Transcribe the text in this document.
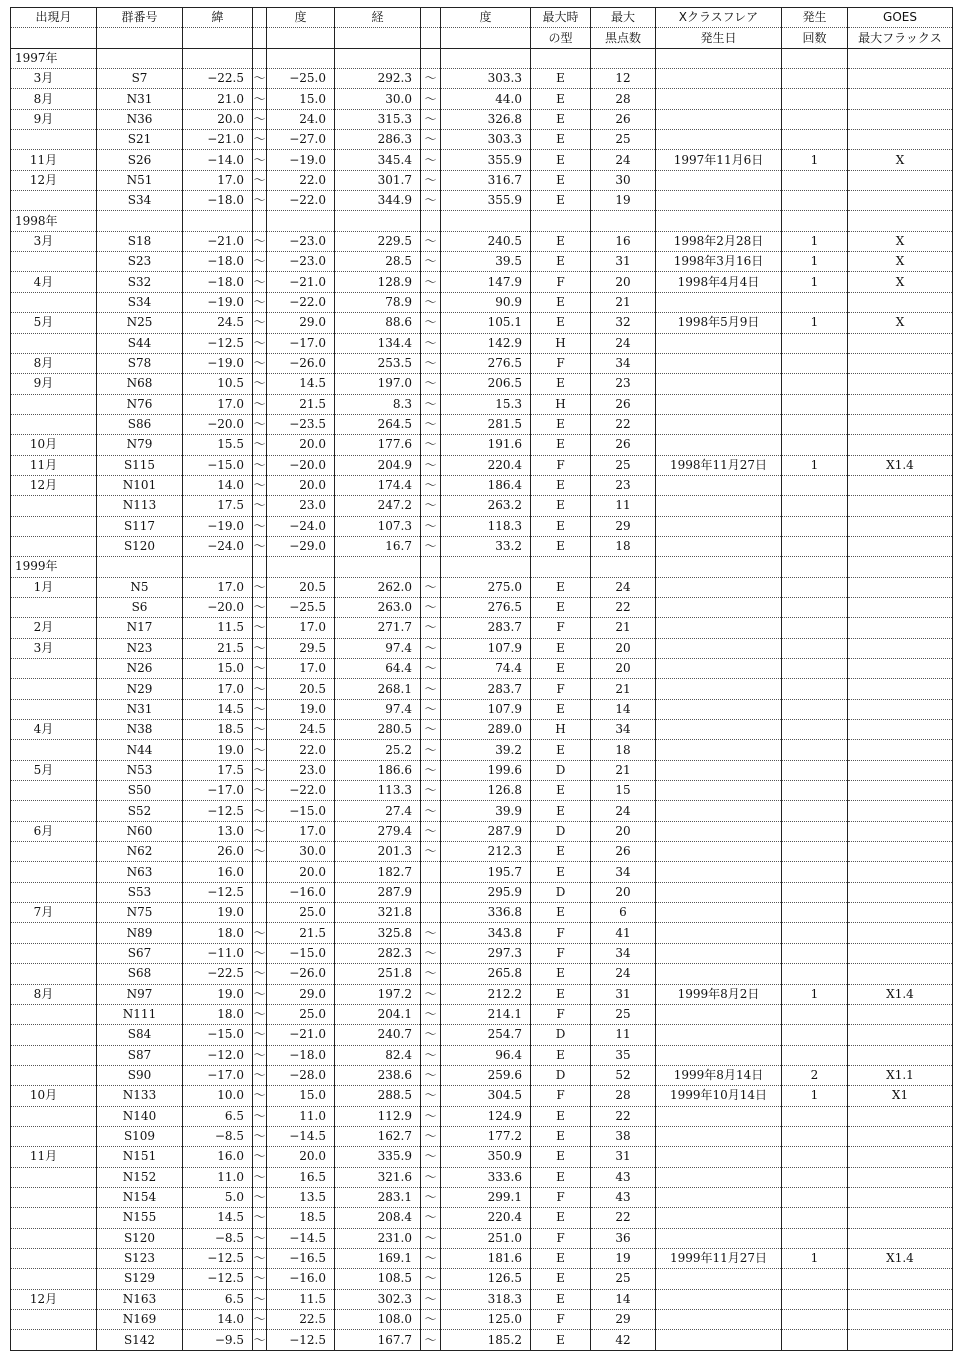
出現月	群番号	緯		度	経		度	最大時	最大	Xクラスフレア	発生	GOES
								の型	黒点数	発生日	回数	最大フラックス
1997年												
3月	S7	−22.5	～	−25.0	292.3	～	303.3	E	12			
8月	N31	21.0	～	15.0	30.0	～	44.0	E	28			
9月	N36	20.0	～	24.0	315.3	～	326.8	E	26			
	S21	−21.0	～	−27.0	286.3	～	303.3	E	25			
11月	S26	−14.0	～	−19.0	345.4	～	355.9	E	24	1997年11月6日	1	X
12月	N51	17.0	～	22.0	301.7	～	316.7	E	30			
	S34	−18.0	～	−22.0	344.9	～	355.9	E	19			
1998年												
3月	S18	−21.0	～	−23.0	229.5	～	240.5	E	16	1998年2月28日	1	X
	S23	−18.0	～	−23.0	28.5	～	39.5	E	31	1998年3月16日	1	X
4月	S32	−18.0	～	−21.0	128.9	～	147.9	F	20	1998年4月4日	1	X
	S34	−19.0	～	−22.0	78.9	～	90.9	E	21			
5月	N25	24.5	～	29.0	88.6	～	105.1	E	32	1998年5月9日	1	X
	S44	−12.5	～	−17.0	134.4	～	142.9	H	24			
8月	S78	−19.0	～	−26.0	253.5	～	276.5	F	34			
9月	N68	10.5	～	14.5	197.0	～	206.5	E	23			
	N76	17.0	～	21.5	8.3	～	15.3	H	26			
	S86	−20.0	～	−23.5	264.5	～	281.5	E	22			
10月	N79	15.5	～	20.0	177.6	～	191.6	E	26			
11月	S115	−15.0	～	−20.0	204.9	～	220.4	F	25	1998年11月27日	1	X1.4
12月	N101	14.0	～	20.0	174.4	～	186.4	E	23			
	N113	17.5	～	23.0	247.2	～	263.2	E	11			
	S117	−19.0	～	−24.0	107.3	～	118.3	E	29			
	S120	−24.0	～	−29.0	16.7	～	33.2	E	18			
1999年												
1月	N5	17.0	～	20.5	262.0	～	275.0	E	24			
	S6	−20.0	～	−25.5	263.0	～	276.5	E	22			
2月	N17	11.5	～	17.0	271.7	～	283.7	F	21			
3月	N23	21.5	～	29.5	97.4	～	107.9	E	20			
	N26	15.0	～	17.0	64.4	～	74.4	E	20			
	N29	17.0	～	20.5	268.1	～	283.7	F	21			
	N31	14.5	～	19.0	97.4	～	107.9	E	14			
4月	N38	18.5	～	24.5	280.5	～	289.0	H	34			
	N44	19.0	～	22.0	25.2	～	39.2	E	18			
5月	N53	17.5	～	23.0	186.6	～	199.6	D	21			
	S50	−17.0	～	−22.0	113.3	～	126.8	E	15			
	S52	−12.5	～	−15.0	27.4	～	39.9	E	24			
6月	N60	13.0	～	17.0	279.4	～	287.9	D	20			
	N62	26.0	～	30.0	201.3	～	212.3	E	26			
	N63	16.0		20.0	182.7		195.7	E	34			
	S53	−12.5		−16.0	287.9		295.9	D	20			
7月	N75	19.0		25.0	321.8		336.8	E	6			
	N89	18.0	～	21.5	325.8	～	343.8	F	41			
	S67	−11.0	～	−15.0	282.3	～	297.3	F	34			
	S68	−22.5	～	−26.0	251.8	～	265.8	E	24			
8月	N97	19.0	～	29.0	197.2	～	212.2	E	31	1999年8月2日	1	X1.4
	N111	18.0	～	25.0	204.1	～	214.1	F	25			
	S84	−15.0	～	−21.0	240.7	～	254.7	D	11			
	S87	−12.0	～	−18.0	82.4	～	96.4	E	35			
	S90	−17.0	～	−28.0	238.6	～	259.6	D	52	1999年8月14日	2	X1.1
10月	N133	10.0	～	15.0	288.5	～	304.5	F	28	1999年10月14日	1	X1
	N140	6.5	～	11.0	112.9	～	124.9	E	22			
	S109	−8.5	～	−14.5	162.7	～	177.2	E	38			
11月	N151	16.0	～	20.0	335.9	～	350.9	E	31			
	N152	11.0	～	16.5	321.6	～	333.6	E	43			
	N154	5.0	～	13.5	283.1	～	299.1	F	43			
	N155	14.5	～	18.5	208.4	～	220.4	E	22			
	S120	−8.5	～	−14.5	231.0	～	251.0	F	36			
	S123	−12.5	～	−16.5	169.1	～	181.6	E	19	1999年11月27日	1	X1.4
	S129	−12.5	～	−16.0	108.5	～	126.5	E	25			
12月	N163	6.5	～	11.5	302.3	～	318.3	E	14			
	N169	14.0	～	22.5	108.0	～	125.0	F	29			
	S142	−9.5	～	−12.5	167.7	～	185.2	E	42			
